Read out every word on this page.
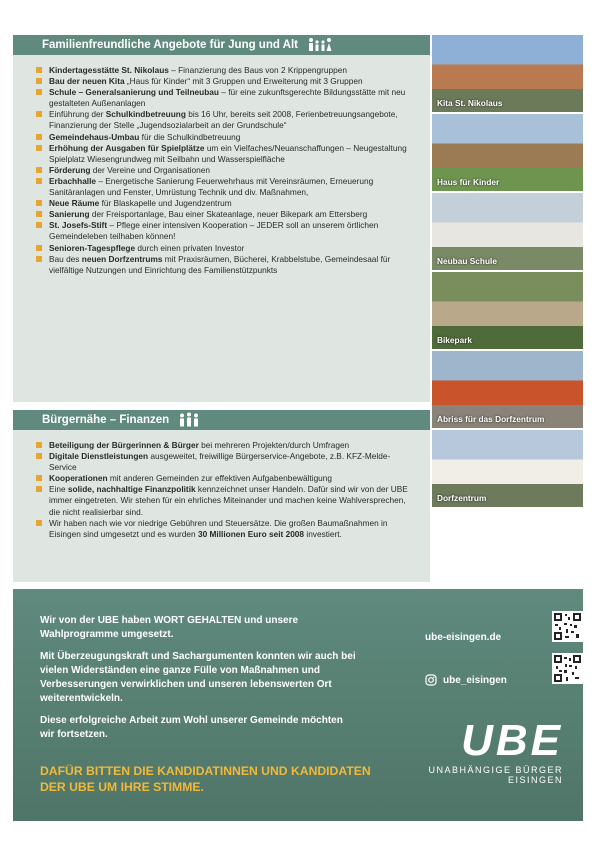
Familienfreundliche Angebote für Jung und Alt
Kindertagesstätte St. Nikolaus – Finanzierung des Baus von 2 Krippengruppen
Bau der neuen Kita „Haus für Kinder“ mit 3 Gruppen und Erweiterung mit 3 Gruppen
Schule – Generalsanierung und Teilneubau – für eine zukunftsgerechte Bildungsstätte mit neu gestalteten Außenanlagen
Einführung der Schulkindbetreuung bis 16 Uhr, bereits seit 2008, Ferienbetreuungsangebote, Finanzierung der Stelle „Jugendsozialarbeit an der Grundschule“
Gemeindehaus-Umbau für die Schulkindbetreuung
Erhöhung der Ausgaben für Spielplätze um ein Vielfaches/Neuanschaffungen – Neugestaltung Spielplatz Wiesengrundweg mit Seilbahn und Wasserspielfläche
Förderung der Vereine und Organisationen
Erbachhalle – Energetische Sanierung Feuerwehrhaus mit Vereinsräumen, Erneuerung Sanitäranlagen und Fenster, Umrüstung Technik und div. Maßnahmen,
Neue Räume für Blaskapelle und Jugendzentrum
Sanierung der Freisportanlage, Bau einer Skateanlage, neuer Bikepark am Ettersberg
St. Josefs-Stift – Pflege einer intensiven Kooperation – JEDER soll an unserem örtlichen Gemeindeleben teilhaben können!
Senioren-Tagespflege durch einen privaten Investor
Bau des neuen Dorfzentrums mit Praxisräumen, Bücherei, Krabbelstube, Gemeindesaal für vielfältige Nutzungen und Einrichtung des Familienstützpunkts
Bürgernähe – Finanzen
Beteiligung der Bürgerinnen & Bürger bei mehreren Projekten/durch Umfragen
Digitale Dienstleistungen ausgeweitet, freiwillige Bürgerservice-Angebote, z.B. KFZ-Melde-Service
Kooperationen mit anderen Gemeinden zur effektiven Aufgabenbewältigung
Eine solide, nachhaltige Finanzpolitik kennzeichnet unser Handeln. Dafür sind wir von der UBE immer eingetreten. Wir stehen für ein ehrliches Miteinander und machen keine Wahlversprechen, die nicht realisierbar sind.
Wir haben nach wie vor niedrige Gebühren und Steuersätze. Die großen Baumaßnahmen in Eisingen sind umgesetzt und es wurden 30 Millionen Euro seit 2008 investiert.
Kita St. Nikolaus
Haus für Kinder
Neubau Schule
Bikepark
Abriss für das Dorfzentrum
Dorfzentrum

Wir von der UBE haben WORT GEHALTEN und unsere Wahlprogramme umgesetzt.

Mit Überzeugungskraft und Sachargumenten konnten wir auch bei vielen Widerständen eine ganze Fülle von Maßnahmen und Verbesserungen verwirklichen und unseren lebenswerten Ort weiterentwickeln.

Diese erfolgreiche Arbeit zum Wohl unserer Gemeinde möchten wir fortsetzen.

DAFÜR BITTEN DIE KANDIDATINNEN UND KANDIDATEN DER UBE UM IHRE STIMME.
ube-eisingen.de
ube_eisingen
UBE
UNABHÄNGIGE BÜRGER
EISINGEN
